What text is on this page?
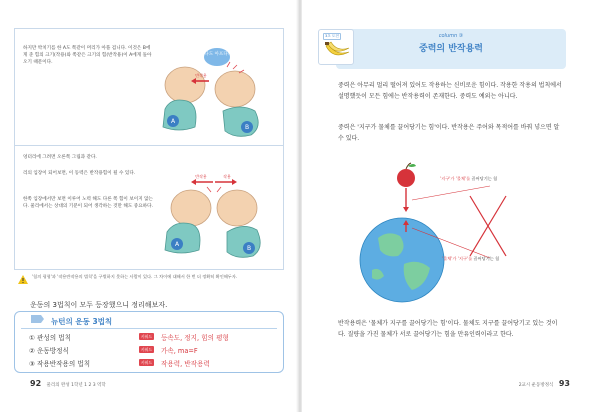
하지만 박치기를 한 A도 쪽같이 머리가 아플 겁니다. 이것은 B에게 준 힘의 크기(작용)와 쪽같은 크기의 힘(반작용)이 A에게 돌아오기 때문이다.
나도 아프다!
A
B
반작용
엉터리에 그려면 오른쪽 그림과 같다.
리의 입장이 되어보면, 이 동력은 반작용힘이 될 수 있다.
한쪽 입장에서만 보면 이루어 노력 해도 다른 쪽 힘이 보이지 않는다. 물리에서는 상대의 기분이 되어 생각하는 것만 해도 중요하다.
A
B
반작용	작용
'힘의 평형'과 '작용반작용의 법칙'을 구별하지 못하는 사람이 있다. 그 차이에 대해서 한 번 더 정확히 확인해두자.
운동의 3법칙이 모두 등장했으니 정리해보자.
뉴턴의 운동 3법칙
① 관성의 법칙	키워드	등속도, 정지, 힘의 평형
② 운동방정식	키워드	가속, ma=F
③ 작용반작용의 법칙	키워드	작용력, 반작용력
92 물리의 완성 1학년 1 2 3 역학
column ③
중력의 반작용력
3초 도전
중력은 아무리 멀리 떨어져 있어도 작용하는 신비로운 힘이다. 작용한 작용의 법칙에서 설명했듯이 모든 힘에는 반작용력이 존재한다. 중력도 예외는 아니다.
중력은 '지구가 물체를 끌어당기는 힘'이다. 반작용은 주어와 목적어를 바꿔 넣으면 알 수 있다.
'지구'가 '물체'를 끌어당기는 힘
'물체'가 '지구'를 끌어당기는 힘
반작용력은 '물체가 지구를 끌어당기는 힘'이다. 물체도 지구를 끌어당기고 있는 것이다. 질량을 가진 물체가 서로 끌어당기는 힘을 만유인력이라고 한다.
2교시 운동방정식 93
